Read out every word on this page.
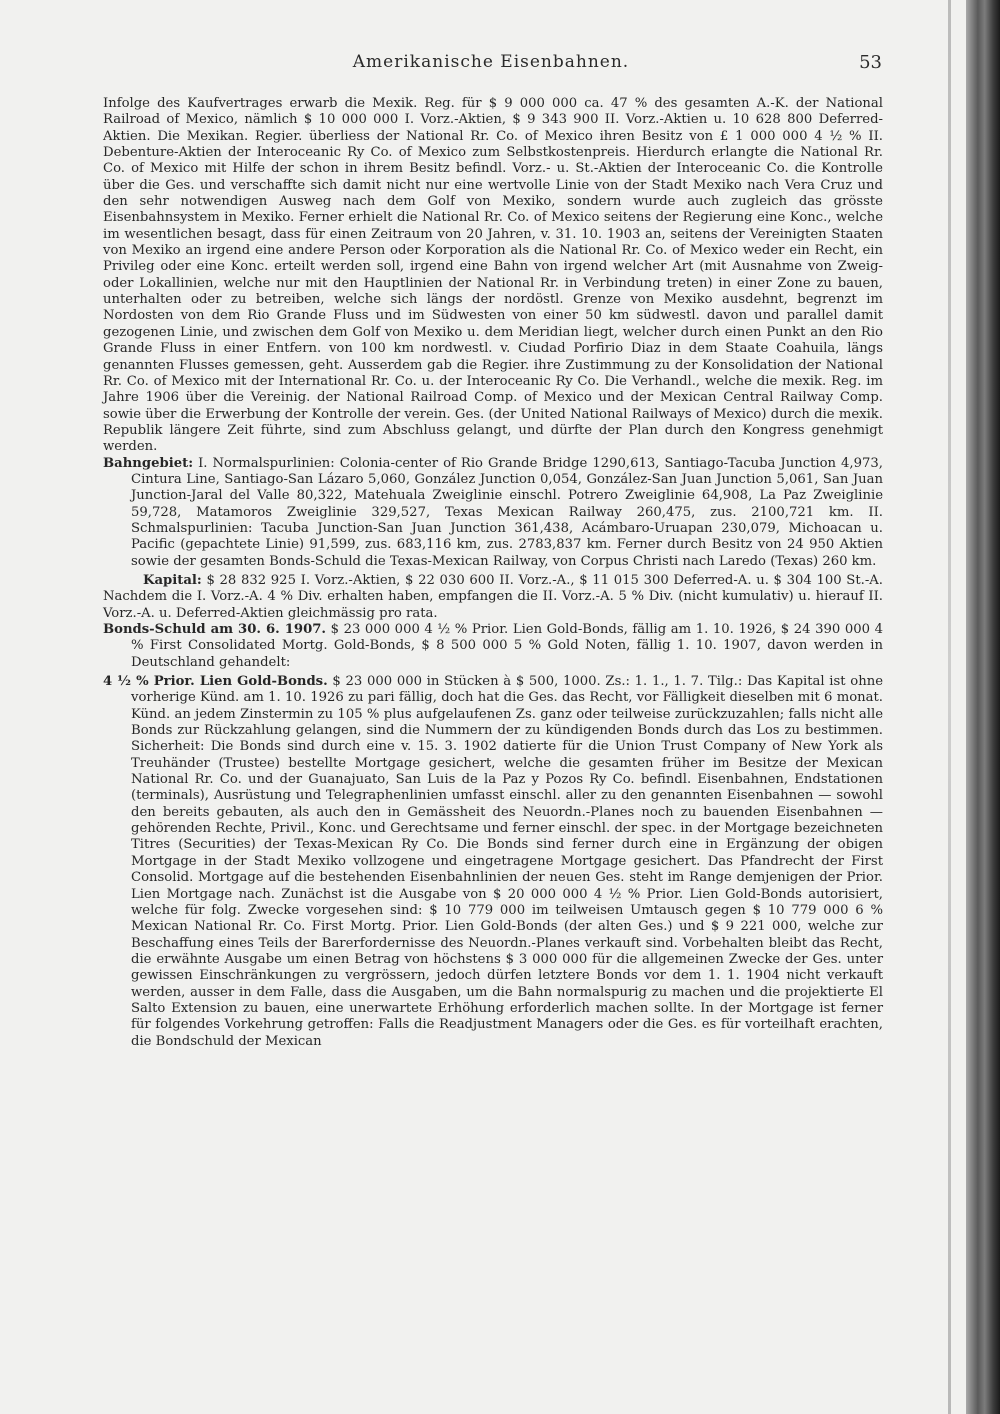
Amerikanische Eisenbahnen.	53

Infolge des Kaufvertrages erwarb die Mexik. Reg. für $ 9 000 000 ca. 47 % des gesamten A.-K. der National Railroad of Mexico, nämlich $ 10 000 000 I. Vorz.-Aktien, $ 9 343 900 II. Vorz.-Aktien u. 10 628 800 Deferred-Aktien. Die Mexikan. Regier. überliess der National Rr. Co. of Mexico ihren Besitz von £ 1 000 000 4 ½ % II. Debenture-Aktien der Interoceanic Ry Co. of Mexico zum Selbstkostenpreis. Hierdurch erlangte die National Rr. Co. of Mexico mit Hilfe der schon in ihrem Besitz befindl. Vorz.- u. St.-Aktien der Interoceanic Co. die Kontrolle über die Ges. und verschaffte sich damit nicht nur eine wertvolle Linie von der Stadt Mexiko nach Vera Cruz und den sehr notwendigen Ausweg nach dem Golf von Mexiko, sondern wurde auch zugleich das grösste Eisenbahnsystem in Mexiko. Ferner erhielt die National Rr. Co. of Mexico seitens der Regierung eine Konc., welche im wesentlichen besagt, dass für einen Zeitraum von 20 Jahren, v. 31. 10. 1903 an, seitens der Vereinigten Staaten von Mexiko an irgend eine andere Person oder Korporation als die National Rr. Co. of Mexico weder ein Recht, ein Privileg oder eine Konc. erteilt werden soll, irgend eine Bahn von irgend welcher Art (mit Ausnahme von Zweig- oder Lokallinien, welche nur mit den Hauptlinien der National Rr. in Verbindung treten) in einer Zone zu bauen, unterhalten oder zu betreiben, welche sich längs der nordöstl. Grenze von Mexiko ausdehnt, begrenzt im Nordosten von dem Rio Grande Fluss und im Südwesten von einer 50 km südwestl. davon und parallel damit gezogenen Linie, und zwischen dem Golf von Mexiko u. dem Meridian liegt, welcher durch einen Punkt an den Rio Grande Fluss in einer Entfern. von 100 km nordwestl. v. Ciudad Porfirio Diaz in dem Staate Coahuila, längs genannten Flusses gemessen, geht. Ausserdem gab die Regier. ihre Zustimmung zu der Konsolidation der National Rr. Co. of Mexico mit der International Rr. Co. u. der Interoceanic Ry Co. Die Verhandl., welche die mexik. Reg. im Jahre 1906 über die Vereinig. der National Railroad Comp. of Mexico und der Mexican Central Railway Comp. sowie über die Erwerbung der Kontrolle der verein. Ges. (der United National Railways of Mexico) durch die mexik. Republik längere Zeit führte, sind zum Abschluss gelangt, und dürfte der Plan durch den Kongress genehmigt werden.

Bahngebiet: I. Normalspurlinien: Colonia-center of Rio Grande Bridge 1290,613, Santiago-Tacuba Junction 4,973, Cintura Line, Santiago-San Lázaro 5,060, González Junction 0,054, González-San Juan Junction 5,061, San Juan Junction-Jaral del Valle 80,322, Matehuala Zweiglinie einschl. Potrero Zweiglinie 64,908, La Paz Zweiglinie 59,728, Matamoros Zweiglinie 329,527, Texas Mexican Railway 260,475, zus. 2100,721 km. II. Schmalspurlinien: Tacuba Junction-San Juan Junction 361,438, Acámbaro-Uruapan 230,079, Michoacan u. Pacific (gepachtete Linie) 91,599, zus. 683,116 km, zus. 2783,837 km. Ferner durch Besitz von 24 950 Aktien sowie der gesamten Bonds-Schuld die Texas-Mexican Railway, von Corpus Christi nach Laredo (Texas) 260 km.

Kapital: $ 28 832 925 I. Vorz.-Aktien, $ 22 030 600 II. Vorz.-A., $ 11 015 300 Deferred-A. u. $ 304 100 St.-A. Nachdem die I. Vorz.-A. 4 % Div. erhalten haben, empfangen die II. Vorz.-A. 5 % Div. (nicht kumulativ) u. hierauf II. Vorz.-A. u. Deferred-Aktien gleichmässig pro rata.

Bonds-Schuld am 30. 6. 1907. $ 23 000 000 4 ½ % Prior. Lien Gold-Bonds, fällig am 1. 10. 1926, $ 24 390 000 4 % First Consolidated Mortg. Gold-Bonds, $ 8 500 000 5 % Gold Noten, fällig 1. 10. 1907, davon werden in Deutschland gehandelt:

4 ½ % Prior. Lien Gold-Bonds. $ 23 000 000 in Stücken à $ 500, 1000. Zs.: 1. 1., 1. 7. Tilg.: Das Kapital ist ohne vorherige Künd. am 1. 10. 1926 zu pari fällig, doch hat die Ges. das Recht, vor Fälligkeit dieselben mit 6 monat. Künd. an jedem Zinstermin zu 105 % plus aufgelaufenen Zs. ganz oder teilweise zurückzuzahlen; falls nicht alle Bonds zur Rückzahlung gelangen, sind die Nummern der zu kündigenden Bonds durch das Los zu bestimmen. Sicherheit: Die Bonds sind durch eine v. 15. 3. 1902 datierte für die Union Trust Company of New York als Treuhänder (Trustee) bestellte Mortgage gesichert, welche die gesamten früher im Besitze der Mexican National Rr. Co. und der Guanajuato, San Luis de la Paz y Pozos Ry Co. befindl. Eisenbahnen, Endstationen (terminals), Ausrüstung und Telegraphenlinien umfasst einschl. aller zu den genannten Eisenbahnen — sowohl den bereits gebauten, als auch den in Gemässheit des Neuordn.-Planes noch zu bauenden Eisenbahnen — gehörenden Rechte, Privil., Konc. und Gerechtsame und ferner einschl. der spec. in der Mortgage bezeichneten Titres (Securities) der Texas-Mexican Ry Co. Die Bonds sind ferner durch eine in Ergänzung der obigen Mortgage in der Stadt Mexiko vollzogene und eingetragene Mortgage gesichert. Das Pfandrecht der First Consolid. Mortgage auf die bestehenden Eisenbahnlinien der neuen Ges. steht im Range demjenigen der Prior. Lien Mortgage nach. Zunächst ist die Ausgabe von $ 20 000 000 4 ½ % Prior. Lien Gold-Bonds autorisiert, welche für folg. Zwecke vorgesehen sind: $ 10 779 000 im teilweisen Umtausch gegen $ 10 779 000 6 % Mexican National Rr. Co. First Mortg. Prior. Lien Gold-Bonds (der alten Ges.) und $ 9 221 000, welche zur Beschaffung eines Teils der Barerfordernisse des Neuordn.-Planes verkauft sind. Vorbehalten bleibt das Recht, die erwähnte Ausgabe um einen Betrag von höchstens $ 3 000 000 für die allgemeinen Zwecke der Ges. unter gewissen Einschränkungen zu vergrössern, jedoch dürfen letztere Bonds vor dem 1. 1. 1904 nicht verkauft werden, ausser in dem Falle, dass die Ausgaben, um die Bahn normalspurig zu machen und die projektierte El Salto Extension zu bauen, eine unerwartete Erhöhung erforderlich machen sollte. In der Mortgage ist ferner für folgendes Vorkehrung getroffen: Falls die Readjustment Managers oder die Ges. es für vorteilhaft erachten, die Bondschuld der Mexican
